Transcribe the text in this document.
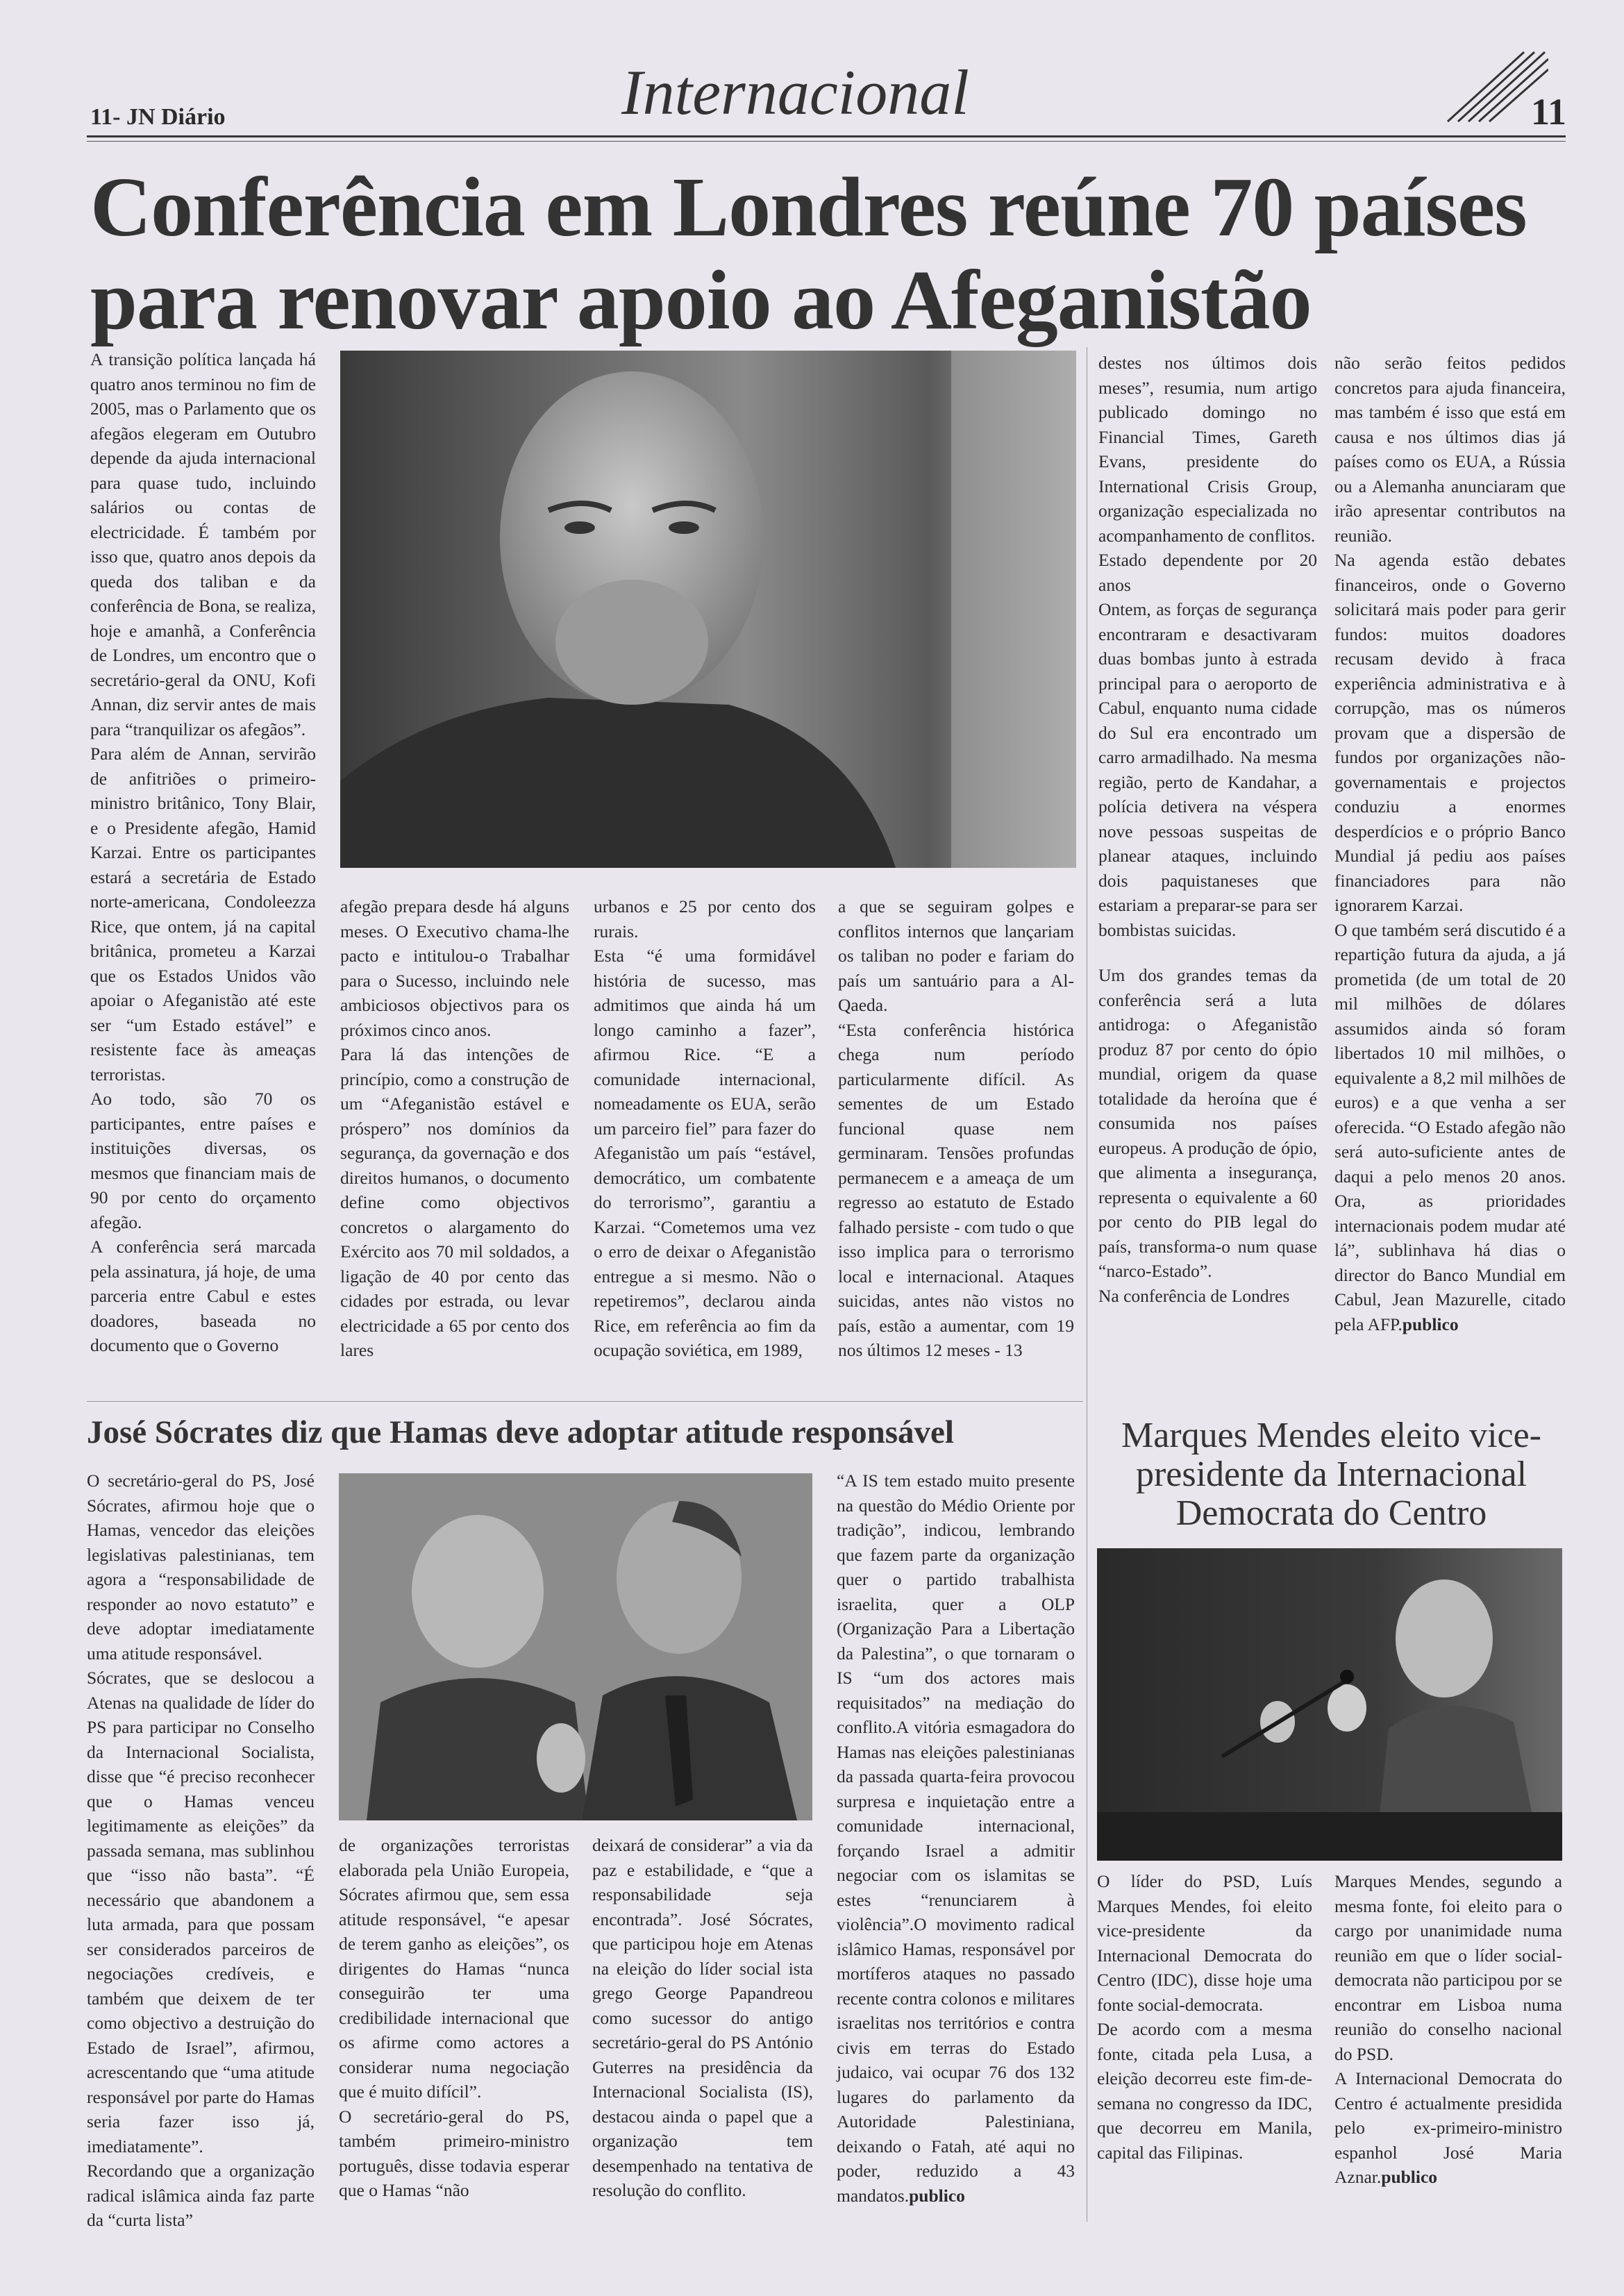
11- JN Diário	Internacional	11
Conferência em Londres reúne 70 países para renovar apoio ao Afeganistão

A transição política lançada há quatro anos terminou no fim de 2005, mas o Parlamento que os afegãos elegeram em Outubro depende da ajuda internacional para quase tudo, incluindo salários ou contas de electricidade. É também por isso que, quatro anos depois da queda dos taliban e da conferência de Bona, se realiza, hoje e amanhã, a Conferência de Londres, um encontro que o secretário-geral da ONU, Kofi Annan, diz servir antes de mais para “tranquilizar os afegãos”.

Para além de Annan, servirão de anfitriões o primeiro-ministro britânico, Tony Blair, e o Presidente afegão, Hamid Karzai. Entre os participantes estará a secretária de Estado norte-americana, Condoleezza Rice, que ontem, já na capital britânica, prometeu a Karzai que os Estados Unidos vão apoiar o Afeganistão até este ser “um Estado estável” e resistente face às ameaças terroristas.

Ao todo, são 70 os participantes, entre países e instituições diversas, os mesmos que financiam mais de 90 por cento do orçamento afegão.

A conferência será marcada pela assinatura, já hoje, de uma parceria entre Cabul e estes doadores, baseada no documento que o Governo

afegão prepara desde há alguns meses. O Executivo chama-lhe pacto e intitulou-o Trabalhar para o Sucesso, incluindo nele ambiciosos objectivos para os próximos cinco anos.

Para lá das intenções de princípio, como a construção de um “Afeganistão estável e próspero” nos domínios da segurança, da governação e dos direitos humanos, o documento define como objectivos concretos o alargamento do Exército aos 70 mil soldados, a ligação de 40 por cento das cidades por estrada, ou levar electricidade a 65 por cento dos lares

urbanos e 25 por cento dos rurais.

Esta “é uma formidável história de sucesso, mas admitimos que ainda há um longo caminho a fazer”, afirmou Rice. “E a comunidade internacional, nomeadamente os EUA, serão um parceiro fiel” para fazer do Afeganistão um país “estável, democrático, um combatente do terrorismo”, garantiu a Karzai. “Cometemos uma vez o erro de deixar o Afeganistão entregue a si mesmo. Não o repetiremos”, declarou ainda Rice, em referência ao fim da ocupação soviética, em 1989,

a que se seguiram golpes e conflitos internos que lançariam os taliban no poder e fariam do país um santuário para a Al-Qaeda.

“Esta conferência histórica chega num período particularmente difícil. As sementes de um Estado funcional quase nem germinaram. Tensões profundas permanecem e a ameaça de um regresso ao estatuto de Estado falhado persiste - com tudo o que isso implica para o terrorismo local e internacional. Ataques suicidas, antes não vistos no país, estão a aumentar, com 19 nos últimos 12 meses - 13

destes nos últimos dois meses”, resumia, num artigo publicado domingo no Financial Times, Gareth Evans, presidente do International Crisis Group, organização especializada no acompanhamento de conflitos.

Estado dependente por 20 anos

Ontem, as forças de segurança encontraram e desactivaram duas bombas junto à estrada principal para o aeroporto de Cabul, enquanto numa cidade do Sul era encontrado um carro armadilhado. Na mesma região, perto de Kandahar, a polícia detivera na véspera nove pessoas suspeitas de planear ataques, incluindo dois paquistaneses que estariam a preparar-se para ser bombistas suicidas.

Um dos grandes temas da conferência será a luta antidroga: o Afeganistão produz 87 por cento do ópio mundial, origem da quase totalidade da heroína que é consumida nos países europeus. A produção de ópio, que alimenta a insegurança, representa o equivalente a 60 por cento do PIB legal do país, transforma-o num quase “narco-Estado”.

Na conferência de Londres

não serão feitos pedidos concretos para ajuda financeira, mas também é isso que está em causa e nos últimos dias já países como os EUA, a Rússia ou a Alemanha anunciaram que irão apresentar contributos na reunião.

Na agenda estão debates financeiros, onde o Governo solicitará mais poder para gerir fundos: muitos doadores recusam devido à fraca experiência administrativa e à corrupção, mas os números provam que a dispersão de fundos por organizações não-governamentais e projectos conduziu a enormes desperdícios e o próprio Banco Mundial já pediu aos países financiadores para não ignorarem Karzai.

O que também será discutido é a repartição futura da ajuda, a já prometida (de um total de 20 mil milhões de dólares assumidos ainda só foram libertados 10 mil milhões, o equivalente a 8,2 mil milhões de euros) e a que venha a ser oferecida. “O Estado afegão não será auto-suficiente antes de daqui a pelo menos 20 anos. Ora, as prioridades internacionais podem mudar até lá”, sublinhava há dias o director do Banco Mundial em Cabul, Jean Mazurelle, citado pela AFP.publico

José Sócrates diz que Hamas deve adoptar atitude responsável

O secretário-geral do PS, José Sócrates, afirmou hoje que o Hamas, vencedor das eleições legislativas palestinianas, tem agora a “responsabilidade de responder ao novo estatuto” e deve adoptar imediatamente uma atitude responsável.

Sócrates, que se deslocou a Atenas na qualidade de líder do PS para participar no Conselho da Internacional Socialista, disse que “é preciso reconhecer que o Hamas venceu legitimamente as eleições” da passada semana, mas sublinhou que “isso não basta”. “É necessário que abandonem a luta armada, para que possam ser considerados parceiros de negociações credíveis, e também que deixem de ter como objectivo a destruição do Estado de Israel”, afirmou, acrescentando que “uma atitude responsável por parte do Hamas seria fazer isso já, imediatamente”.

Recordando que a organização radical islâmica ainda faz parte da “curta lista”

de organizações terroristas elaborada pela União Europeia, Sócrates afirmou que, sem essa atitude responsável, “e apesar de terem ganho as eleições”, os dirigentes do Hamas “nunca conseguirão ter uma credibilidade internacional que os afirme como actores a considerar numa negociação que é muito difícil”.

O secretário-geral do PS, também primeiro-ministro português, disse todavia esperar que o Hamas “não

deixará de considerar” a via da paz e estabilidade, e “que a responsabilidade seja encontrada”. José Sócrates, que participou hoje em Atenas na eleição do líder social ista grego George Papandreou como sucessor do antigo secretário-geral do PS António Guterres na presidência da Internacional Socialista (IS), destacou ainda o papel que a organização tem desempenhado na tentativa de resolução do conflito.

“A IS tem estado muito presente na questão do Médio Oriente por tradição”, indicou, lembrando que fazem parte da organização quer o partido trabalhista israelita, quer a OLP (Organização Para a Libertação da Palestina”, o que tornaram o IS “um dos actores mais requisitados” na mediação do conflito.A vitória esmagadora do Hamas nas eleições palestinianas da passada quarta-feira provocou surpresa e inquietação entre a comunidade internacional, forçando Israel a admitir negociar com os islamitas se estes “renunciarem à violência”.O movimento radical islâmico Hamas, responsável por mortíferos ataques no passado recente contra colonos e militares israelitas nos territórios e contra civis em terras do Estado judaico, vai ocupar 76 dos 132 lugares do parlamento da Autoridade Palestiniana, deixando o Fatah, até aqui no poder, reduzido a 43 mandatos.publico

Marques Mendes eleito vice-presidente da Internacional Democrata do Centro

O líder do PSD, Luís Marques Mendes, foi eleito vice-presidente da Internacional Democrata do Centro (IDC), disse hoje uma fonte social-democrata.

De acordo com a mesma fonte, citada pela Lusa, a eleição decorreu este fim-de-semana no congresso da IDC, que decorreu em Manila, capital das Filipinas.

Marques Mendes, segundo a mesma fonte, foi eleito para o cargo por unanimidade numa reunião em que o líder social-democrata não participou por se encontrar em Lisboa numa reunião do conselho nacional do PSD.

A Internacional Democrata do Centro é actualmente presidida pelo ex-primeiro-ministro espanhol José Maria Aznar.publico
